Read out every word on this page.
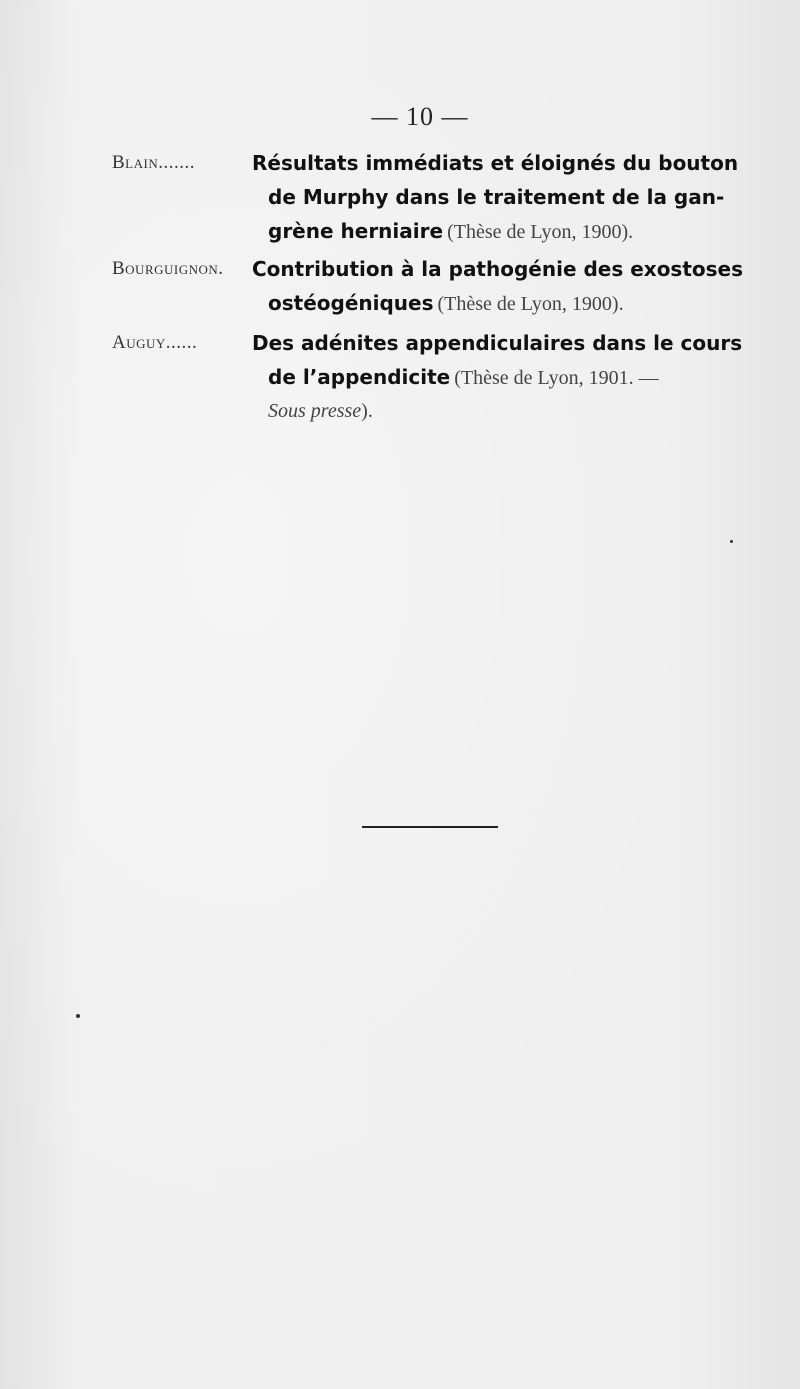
— 10 —
Blain.......	Résultats immédiats et éloignés du bouton
de Murphy dans le traitement de la gan-
grène herniaire (Thèse de Lyon, 1900).
Bourguignon. Contribution à la pathogénie des exostoses
ostéogéniques (Thèse de Lyon, 1900).
Auguy......	Des adénites appendiculaires dans le cours
de l’appendicite (Thèse de Lyon, 1901. —
Sous presse).
